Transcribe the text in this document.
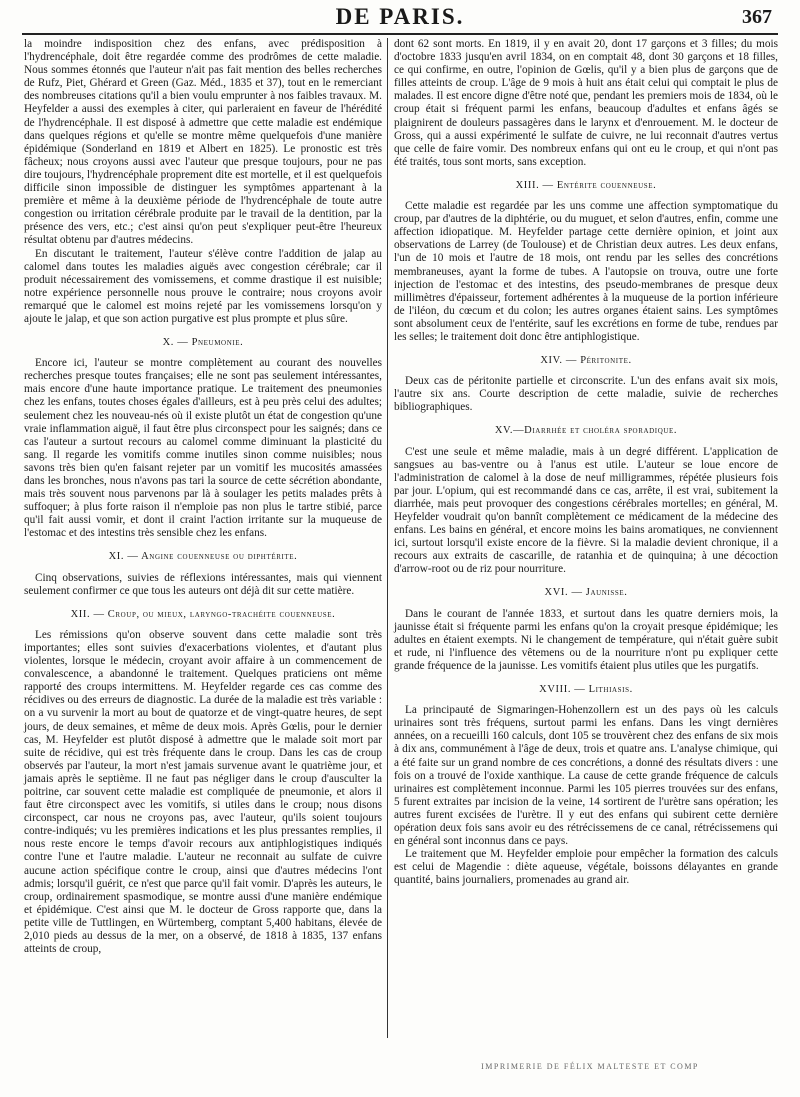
DE PARIS.	367

la moindre indisposition chez des enfans, avec prédisposition à l'hydrencéphale, doit être regardée comme des prodrômes de cette maladie. Nous sommes étonnés que l'auteur n'ait pas fait mention des belles recherches de Rufz, Piet, Ghérard et Green (Gaz. Méd., 1835 et 37), tout en le remerciant des nombreuses citations qu'il a bien voulu emprunter à nos faibles travaux. M. Heyfelder a aussi des exemples à citer, qui parleraient en faveur de l'hérédité de l'hydrencéphale. Il est disposé à admettre que cette maladie est endémique dans quelques régions et qu'elle se montre même quelquefois d'une manière épidémique (Sonderland en 1819 et Albert en 1825). Le pronostic est très fâcheux; nous croyons aussi avec l'auteur que presque toujours, pour ne pas dire toujours, l'hydrencéphale proprement dite est mortelle, et il est quelquefois difficile sinon impossible de distinguer les symptômes appartenant à la première et même à la deuxième période de l'hydrencéphale de toute autre congestion ou irritation cérébrale produite par le travail de la dentition, par la présence des vers, etc.; c'est ainsi qu'on peut s'expliquer peut-être l'heureux résultat obtenu par d'autres médecins.

En discutant le traitement, l'auteur s'élève contre l'addition de jalap au calomel dans toutes les maladies aiguës avec congestion cérébrale; car il produit nécessairement des vomissemens, et comme drastique il est nuisible; notre expérience personnelle nous prouve le contraire; nous croyons avoir remarqué que le calomel est moins rejeté par les vomissemens lorsqu'on y ajoute le jalap, et que son action purgative est plus prompte et plus sûre.

X. — Pneumonie.

Encore ici, l'auteur se montre complètement au courant des nouvelles recherches presque toutes françaises; elle ne sont pas seulement intéressantes, mais encore d'une haute importance pratique. Le traitement des pneumonies chez les enfans, toutes choses égales d'ailleurs, est à peu près celui des adultes; seulement chez les nouveau-nés où il existe plutôt un état de congestion qu'une vraie inflammation aiguë, il faut être plus circonspect pour les saignés; dans ce cas l'auteur a surtout recours au calomel comme diminuant la plasticité du sang. Il regarde les vomitifs comme inutiles sinon comme nuisibles; nous savons très bien qu'en faisant rejeter par un vomitif les mucosités amassées dans les bronches, nous n'avons pas tari la source de cette sécrétion abondante, mais très souvent nous parvenons par là à soulager les petits malades prêts à suffoquer; à plus forte raison il n'emploie pas non plus le tartre stibié, parce qu'il fait aussi vomir, et dont il craint l'action irritante sur la muqueuse de l'estomac et des intestins très sensible chez les enfans.

XI. — Angine couenneuse ou diphtérite.

Cinq observations, suivies de réflexions intéressantes, mais qui viennent seulement confirmer ce que tous les auteurs ont déjà dit sur cette matière.

XII. — Croup, ou mieux, laryngo-trachéite couenneuse.

Les rémissions qu'on observe souvent dans cette maladie sont très importantes; elles sont suivies d'exacerbations violentes, et d'autant plus violentes, lorsque le médecin, croyant avoir affaire à un commencement de convalescence, a abandonné le traitement. Quelques praticiens ont même rapporté des croups intermittens. M. Heyfelder regarde ces cas comme des récidives ou des erreurs de diagnostic. La durée de la maladie est très variable : on a vu survenir la mort au bout de quatorze et de vingt-quatre heures, de sept jours, de deux semaines, et même de deux mois. Après Gœlis, pour le dernier cas, M. Heyfelder est plutôt disposé à admettre que le malade soit mort par suite de récidive, qui est très fréquente dans le croup. Dans les cas de croup observés par l'auteur, la mort n'est jamais survenue avant le quatrième jour, et jamais après le septième. Il ne faut pas négliger dans le croup d'ausculter la poitrine, car souvent cette maladie est compliquée de pneumonie, et alors il faut être circonspect avec les vomitifs, si utiles dans le croup; nous disons circonspect, car nous ne croyons pas, avec l'auteur, qu'ils soient toujours contre-indiqués; vu les premières indications et les plus pressantes remplies, il nous reste encore le temps d'avoir recours aux antiphlogistiques indiqués contre l'une et l'autre maladie. L'auteur ne reconnait au sulfate de cuivre aucune action spécifique contre le croup, ainsi que d'autres médecins l'ont admis; lorsqu'il guérit, ce n'est que parce qu'il fait vomir. D'après les auteurs, le croup, ordinairement spasmodique, se montre aussi d'une manière endémique et épidémique. C'est ainsi que M. le docteur de Gross rapporte que, dans la petite ville de Tuttlingen, en Würtemberg, comptant 5,400 habitans, élevée de 2,010 pieds au dessus de la mer, on a observé, de 1818 à 1835, 137 enfans atteints de croup,

dont 62 sont morts. En 1819, il y en avait 20, dont 17 garçons et 3 filles; du mois d'octobre 1833 jusqu'en avril 1834, on en comptait 48, dont 30 garçons et 18 filles, ce qui confirme, en outre, l'opinion de Gœlis, qu'il y a bien plus de garçons que de filles atteints de croup. L'âge de 9 mois à huit ans était celui qui comptait le plus de malades. Il est encore digne d'être noté que, pendant les premiers mois de 1834, où le croup était si fréquent parmi les enfans, beaucoup d'adultes et enfans âgés se plaignirent de douleurs passagères dans le larynx et d'enrouement. M. le docteur de Gross, qui a aussi expérimenté le sulfate de cuivre, ne lui reconnait d'autres vertus que celle de faire vomir. Des nombreux enfans qui ont eu le croup, et qui n'ont pas été traités, tous sont morts, sans exception.

XIII. — Entérite couenneuse.

Cette maladie est regardée par les uns comme une affection symptomatique du croup, par d'autres de la diphtérie, ou du muguet, et selon d'autres, enfin, comme une affection idiopatique. M. Heyfelder partage cette dernière opinion, et joint aux observations de Larrey (de Toulouse) et de Christian deux autres. Les deux enfans, l'un de 10 mois et l'autre de 18 mois, ont rendu par les selles des concrétions membraneuses, ayant la forme de tubes. A l'autopsie on trouva, outre une forte injection de l'estomac et des intestins, des pseudo-membranes de presque deux millimètres d'épaisseur, fortement adhérentes à la muqueuse de la portion inférieure de l'iléon, du cœcum et du colon; les autres organes étaient sains. Les symptômes sont absolument ceux de l'entérite, sauf les excrétions en forme de tube, rendues par les selles; le traitement doit donc être antiphlogistique.

XIV. — Péritonite.

Deux cas de péritonite partielle et circonscrite. L'un des enfans avait six mois, l'autre six ans. Courte description de cette maladie, suivie de recherches bibliographiques.

XV.—Diarrhée et choléra sporadique.

C'est une seule et même maladie, mais à un degré différent. L'application de sangsues au bas-ventre ou à l'anus est utile. L'auteur se loue encore de l'administration de calomel à la dose de neuf milligrammes, répétée plusieurs fois par jour. L'opium, qui est recommandé dans ce cas, arrête, il est vrai, subitement la diarrhée, mais peut provoquer des congestions cérébrales mortelles; en général, M. Heyfelder voudrait qu'on bannît complètement ce médicament de la médecine des enfans. Les bains en général, et encore moins les bains aromatiques, ne conviennent ici, surtout lorsqu'il existe encore de la fièvre. Si la maladie devient chronique, il a recours aux extraits de cascarille, de ratanhia et de quinquina; à une décoction d'arrow-root ou de riz pour nourriture.

XVI. — Jaunisse.

Dans le courant de l'année 1833, et surtout dans les quatre derniers mois, la jaunisse était si fréquente parmi les enfans qu'on la croyait presque épidémique; les adultes en étaient exempts. Ni le changement de température, qui n'était guère subit et rude, ni l'influence des vêtemens ou de la nourriture n'ont pu expliquer cette grande fréquence de la jaunisse. Les vomitifs étaient plus utiles que les purgatifs.

XVIII. — Lithiasis.

La principauté de Sigmaringen-Hohenzollern est un des pays où les calculs urinaires sont très fréquens, surtout parmi les enfans. Dans les vingt dernières années, on a recueilli 160 calculs, dont 105 se trouvèrent chez des enfans de six mois à dix ans, communément à l'âge de deux, trois et quatre ans. L'analyse chimique, qui a été faite sur un grand nombre de ces concrétions, a donné des résultats divers : une fois on a trouvé de l'oxide xanthique. La cause de cette grande fréquence de calculs urinaires est complètement inconnue. Parmi les 105 pierres trouvées sur des enfans, 5 furent extraites par incision de la veine, 14 sortirent de l'urètre sans opération; les autres furent excisées de l'urètre. Il y eut des enfans qui subirent cette dernière opération deux fois sans avoir eu des rétrécissemens de ce canal, rétrécissemens qui en général sont inconnus dans ce pays.

Le traitement que M. Heyfelder emploie pour empêcher la formation des calculs est celui de Magendie : diète aqueuse, végétale, boissons délayantes en grande quantité, bains journaliers, promenades au grand air.

IMPRIMERIE DE FÉLIX MALTESTE ET COMP
